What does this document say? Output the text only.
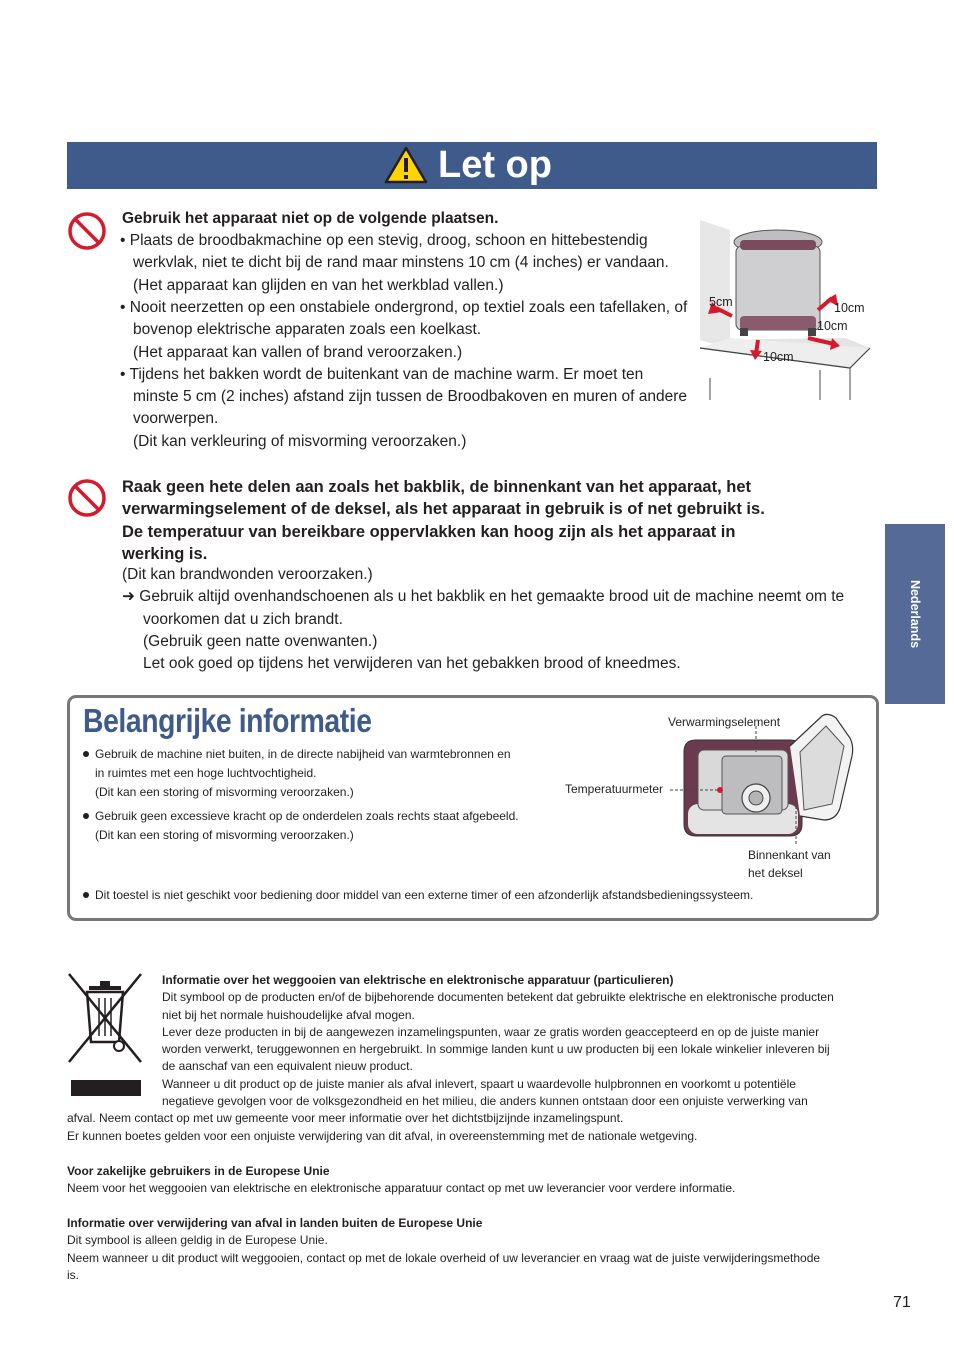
Let op
Gebruik het apparaat niet op de volgende plaatsen.
• Plaats de broodbakmachine op een stevig, droog, schoon en hittebestendig
werkvlak, niet te dicht bij de rand maar minstens 10 cm (4 inches) er vandaan.
(Het apparaat kan glijden en van het werkblad vallen.)
• Nooit neerzetten op een onstabiele ondergrond, op textiel zoals een tafellaken, of
bovenop elektrische apparaten zoals een koelkast.
(Het apparaat kan vallen of brand veroorzaken.)
• Tijdens het bakken wordt de buitenkant van de machine warm. Er moet ten
minste 5 cm (2 inches) afstand zijn tussen de Broodbakoven en muren of andere
voorwerpen.
(Dit kan verkleuring of misvorming veroorzaken.)
5cm	10cm
10cm
10cm
Raak geen hete delen aan zoals het bakblik, de binnenkant van het apparaat, het
verwarmingselement of de deksel, als het apparaat in gebruik is of net gebruikt is.
De temperatuur van bereikbare oppervlakken kan hoog zijn als het apparaat in
werking is.
(Dit kan brandwonden veroorzaken.)
➜ Gebruik altijd ovenhandschoenen als u het bakblik en het gemaakte brood uit de machine neemt om te
voorkomen dat u zich brandt.
(Gebruik geen natte ovenwanten.)
Let ook goed op tijdens het verwijderen van het gebakken brood of kneedmes.
Nederlands
Belangrijke informatie
Gebruik de machine niet buiten, in de directe nabijheid van warmtebronnen en
in ruimtes met een hoge luchtvochtigheid.
(Dit kan een storing of misvorming veroorzaken.)
Gebruik geen excessieve kracht op de onderdelen zoals rechts staat afgebeeld.
(Dit kan een storing of misvorming veroorzaken.)
Dit toestel is niet geschikt voor bediening door middel van een externe timer of een afzonderlijk afstandsbedieningssysteem.
Verwarmingselement
Temperatuurmeter
Binnenkant van
het deksel
Informatie over het weggooien van elektrische en elektronische apparatuur (particulieren)
Dit symbool op de producten en/of de bijbehorende documenten betekent dat gebruikte elektrische en elektronische producten
niet bij het normale huishoudelijke afval mogen.
Lever deze producten in bij de aangewezen inzamelingspunten, waar ze gratis worden geaccepteerd en op de juiste manier
worden verwerkt, teruggewonnen en hergebruikt. In sommige landen kunt u uw producten bij een lokale winkelier inleveren bij
de aanschaf van een equivalent nieuw product.
Wanneer u dit product op de juiste manier als afval inlevert, spaart u waardevolle hulpbronnen en voorkomt u potentiële
negatieve gevolgen voor de volksgezondheid en het milieu, die anders kunnen ontstaan door een onjuiste verwerking van
afval. Neem contact op met uw gemeente voor meer informatie over het dichtstbijzijnde inzamelingspunt.
Er kunnen boetes gelden voor een onjuiste verwijdering van dit afval, in overeenstemming met de nationale wetgeving.
Voor zakelijke gebruikers in de Europese Unie
Neem voor het weggooien van elektrische en elektronische apparatuur contact op met uw leverancier voor verdere informatie.
Informatie over verwijdering van afval in landen buiten de Europese Unie
Dit symbool is alleen geldig in de Europese Unie.
Neem wanneer u dit product wilt weggooien, contact op met de lokale overheid of uw leverancier en vraag wat de juiste verwijderingsmethode
is.
71
